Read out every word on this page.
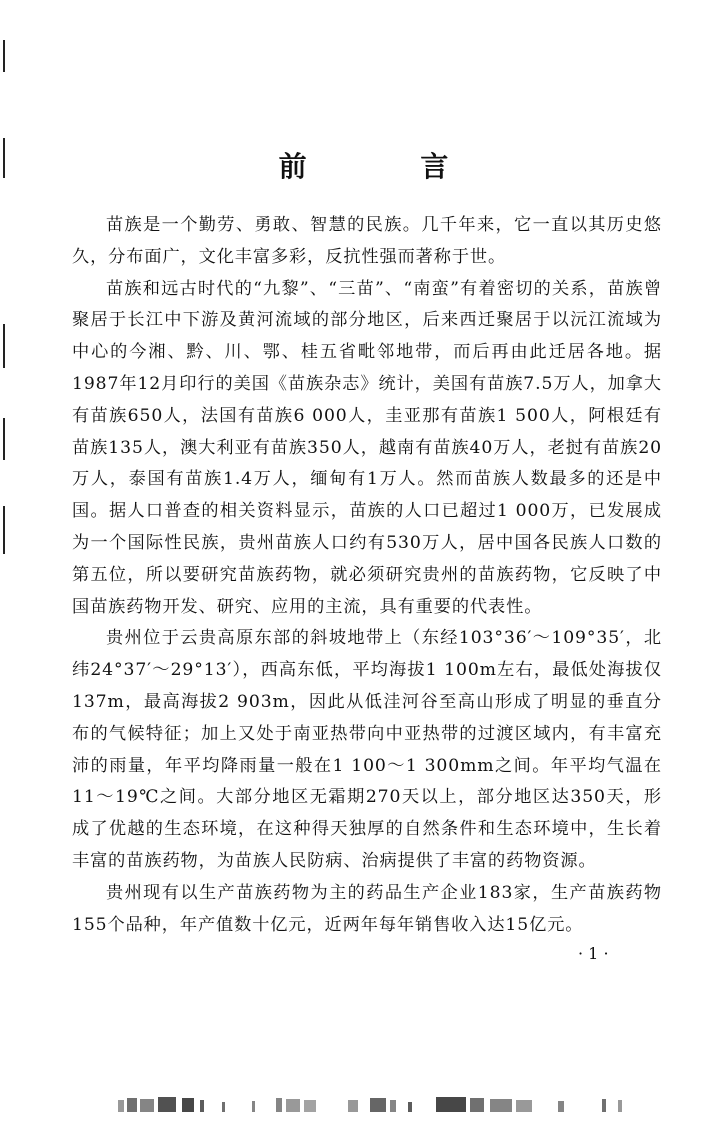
前 言

苗族是一个勤劳、勇敢、智慧的民族。几千年来，它一直以其历史悠久，分布面广，文化丰富多彩，反抗性强而著称于世。

苗族和远古时代的“九黎”、“三苗”、“南蛮”有着密切的关系，苗族曾聚居于长江中下游及黄河流域的部分地区，后来西迁聚居于以沅江流域为中心的今湘、黔、川、鄂、桂五省毗邻地带，而后再由此迁居各地。据1987年12月印行的美国《苗族杂志》统计，美国有苗族7.5万人，加拿大有苗族650人，法国有苗族6 000人，圭亚那有苗族1 500人，阿根廷有苗族135人，澳大利亚有苗族350人，越南有苗族40万人，老挝有苗族20万人，泰国有苗族1.4万人，缅甸有1万人。然而苗族人数最多的还是中国。据人口普查的相关资料显示，苗族的人口已超过1 000万，已发展成为一个国际性民族，贵州苗族人口约有530万人，居中国各民族人口数的第五位，所以要研究苗族药物，就必须研究贵州的苗族药物，它反映了中国苗族药物开发、研究、应用的主流，具有重要的代表性。

贵州位于云贵高原东部的斜坡地带上（东经103°36′～109°35′，北纬24°37′～29°13′），西高东低，平均海拔1 100m左右，最低处海拔仅137m，最高海拔2 903m，因此从低洼河谷至高山形成了明显的垂直分布的气候特征；加上又处于南亚热带向中亚热带的过渡区域内，有丰富充沛的雨量，年平均降雨量一般在1 100～1 300mm之间。年平均气温在11～19℃之间。大部分地区无霜期270天以上，部分地区达350天，形成了优越的生态环境，在这种得天独厚的自然条件和生态环境中，生长着丰富的苗族药物，为苗族人民防病、治病提供了丰富的药物资源。

贵州现有以生产苗族药物为主的药品生产企业183家，生产苗族药物155个品种，年产值数十亿元，近两年每年销售收入达15亿元。

· 1 ·
